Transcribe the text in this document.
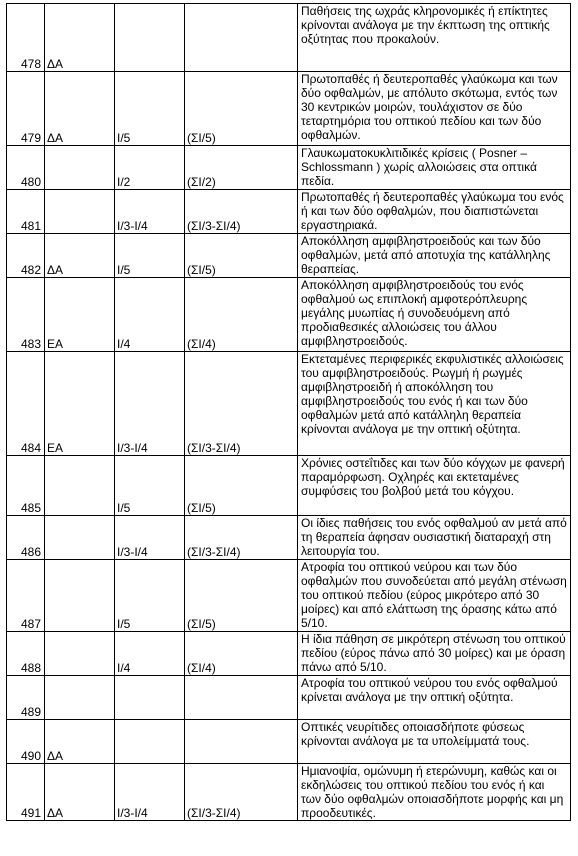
478	ΔΑ			Παθήσεις της ωχράς κληρονομικές ή επίκτητες κρίνονται ανάλογα με την έκπτωση της οπτικής οξύτητας που προκαλούν.
479	ΔΑ	I/5	(ΣΙ/5)	Πρωτοπαθές ή δευτεροπαθές γλαύκωμα και των δύο οφθαλμών, με απόλυτο σκότωμα, εντός των 30 κεντρικών μοιρών, τουλάχιστον σε δύο τεταρτημόρια του οπτικού πεδίου και των δύο οφθαλμών.
480		I/2	(ΣΙ/2)	Γλαυκωματοκυκλιτιδικές κρίσεις ( Posner – Schlossmann ) χωρίς αλλοιώσεις στα οπτικά πεδία.
481		I/3-I/4	(ΣΙ/3-ΣΙ/4)	Πρωτοπαθές ή δευτεροπαθές γλαύκωμα του ενός ή και των δύο οφθαλμών, που διαπιστώνεται εργαστηριακά.
482	ΔΑ	I/5	(ΣΙ/5)	Αποκόλληση αμφιβληστροειδούς και των δύο οφθαλμών, μετά από αποτυχία της κατάλληλης θεραπείας.
483	ΕΑ	I/4	(ΣΙ/4)	Αποκόλληση αμφιβληστροειδούς του ενός οφθαλμού ως επιπλοκή αμφοτερόπλευρης μεγάλης μυωπίας ή συνοδευόμενη από προδιαθεσικές αλλοιώσεις του άλλου αμφιβληστροειδούς.
484	ΕΑ	I/3-I/4	(ΣΙ/3-ΣΙ/4)	Εκτεταμένες περιφερικές εκφυλιστικές αλλοιώσεις του αμφιβληστροειδούς. Ρωγμή ή ρωγμές αμφιβληστροειδή ή αποκόλληση του αμφιβληστροειδούς του ενός ή και των δύο οφθαλμών μετά από κατάλληλη θεραπεία κρίνονται ανάλογα με την οπτική οξύτητα.
485		I/5	(ΣΙ/5)	Χρόνιες οστεΐτιδες και των δύο κόγχων με φανερή παραμόρφωση. Οχληρές και εκτεταμένες συμφύσεις του βολβού μετά του κόγχου.
486		I/3-I/4	(ΣΙ/3-ΣΙ/4)	Οι ίδιες παθήσεις του ενός οφθαλμού αν μετά από τη θεραπεία άφησαν ουσιαστική διαταραχή στη λειτουργία του.
487		I/5	(ΣΙ/5)	Ατροφία του οπτικού νεύρου και των δύο οφθαλμών που συνοδεύεται από μεγάλη στένωση του οπτικού πεδίου (εύρος μικρότερο από 30 μοίρες) και από ελάττωση της όρασης κάτω από 5/10.
488		I/4	(ΣΙ/4)	Η ίδια πάθηση σε μικρότερη στένωση του οπτικού πεδίου (εύρος πάνω από 30 μοίρες) και με όραση πάνω από 5/10.
489				Ατροφία του οπτικού νεύρου του ενός οφθαλμού κρίνεται ανάλογα με την οπτική οξύτητα.
490	ΔΑ			Οπτικές νευρίτιδες οποιασδήποτε φύσεως κρίνονται ανάλογα με τα υπολείμματά τους.
491	ΔΑ	I/3-I/4	(ΣΙ/3-ΣΙ/4)	Ημιανοψία, ομώνυμη ή ετερώνυμη, καθώς και οι εκδηλώσεις του οπτικού πεδίου του ενός ή και των δύο οφθαλμών οποιασδήποτε μορφής και μη προοδευτικές.
